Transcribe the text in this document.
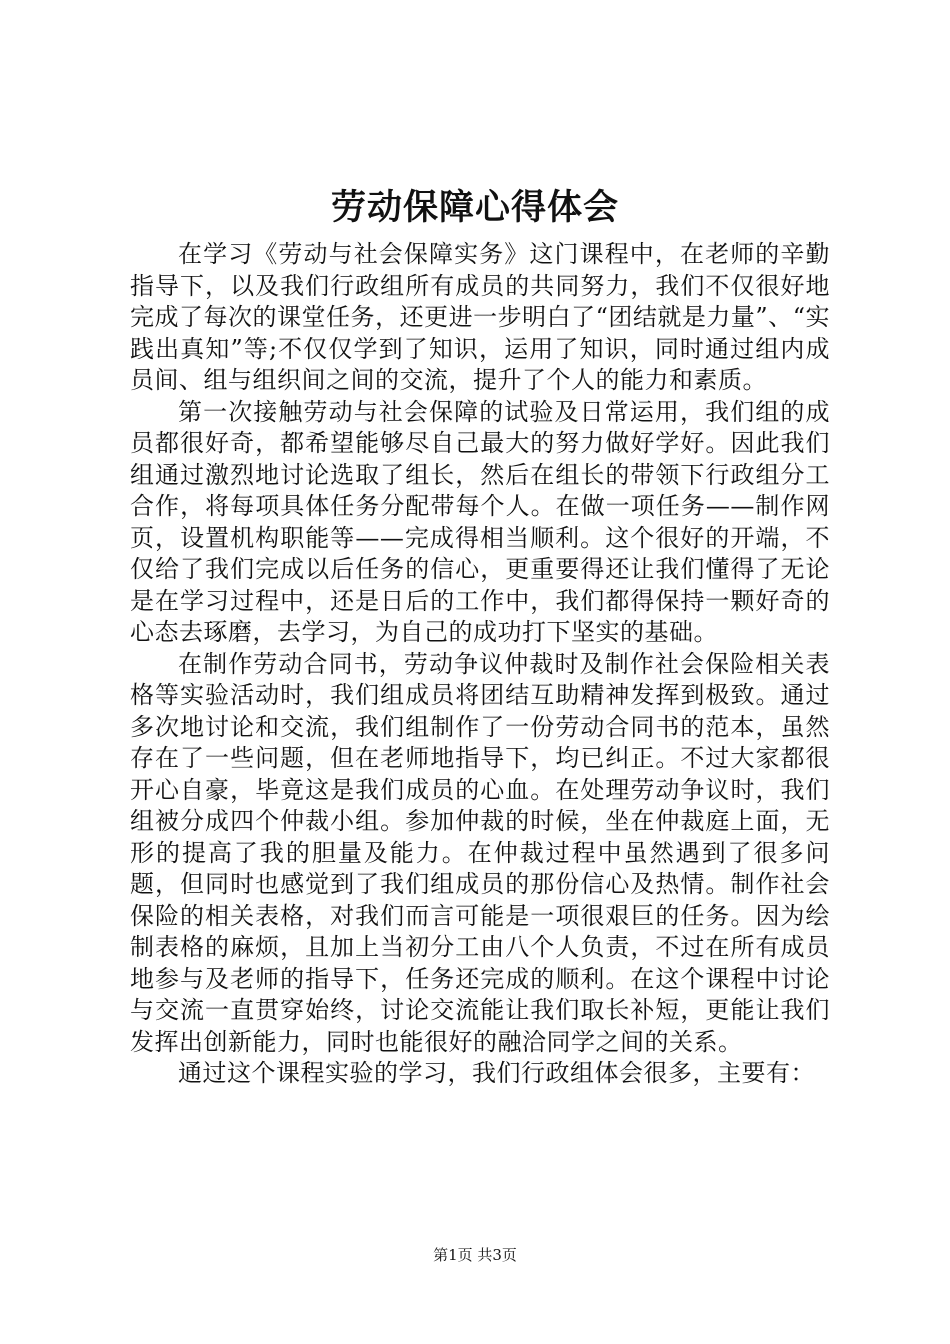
劳动保障心得体会

在学习《劳动与社会保障实务》这门课程中，在老师的辛勤指导下，以及我们行政组所有成员的共同努力，我们不仅很好地完成了每次的课堂任务，还更进一步明白了“团结就是力量”、“实践出真知”等;不仅仅学到了知识，运用了知识，同时通过组内成员间、组与组织间之间的交流，提升了个人的能力和素质。

第一次接触劳动与社会保障的试验及日常运用，我们组的成员都很好奇，都希望能够尽自己最大的努力做好学好。因此我们组通过激烈地讨论选取了组长，然后在组长的带领下行政组分工合作，将每项具体任务分配带每个人。在做一项任务——制作网页，设置机构职能等——完成得相当顺利。这个很好的开端，不仅给了我们完成以后任务的信心，更重要得还让我们懂得了无论是在学习过程中，还是日后的工作中，我们都得保持一颗好奇的心态去琢磨，去学习，为自己的成功打下坚实的基础。

在制作劳动合同书，劳动争议仲裁时及制作社会保险相关表格等实验活动时，我们组成员将团结互助精神发挥到极致。通过多次地讨论和交流，我们组制作了一份劳动合同书的范本，虽然存在了一些问题，但在老师地指导下，均已纠正。不过大家都很开心自豪，毕竟这是我们成员的心血。在处理劳动争议时，我们组被分成四个仲裁小组。参加仲裁的时候，坐在仲裁庭上面，无形的提高了我的胆量及能力。在仲裁过程中虽然遇到了很多问题，但同时也感觉到了我们组成员的那份信心及热情。制作社会保险的相关表格，对我们而言可能是一项很艰巨的任务。因为绘制表格的麻烦，且加上当初分工由八个人负责，不过在所有成员地参与及老师的指导下，任务还完成的顺利。在这个课程中讨论与交流一直贯穿始终，讨论交流能让我们取长补短，更能让我们发挥出创新能力，同时也能很好的融洽同学之间的关系。

通过这个课程实验的学习，我们行政组体会很多，主要有：

第1页 共3页
